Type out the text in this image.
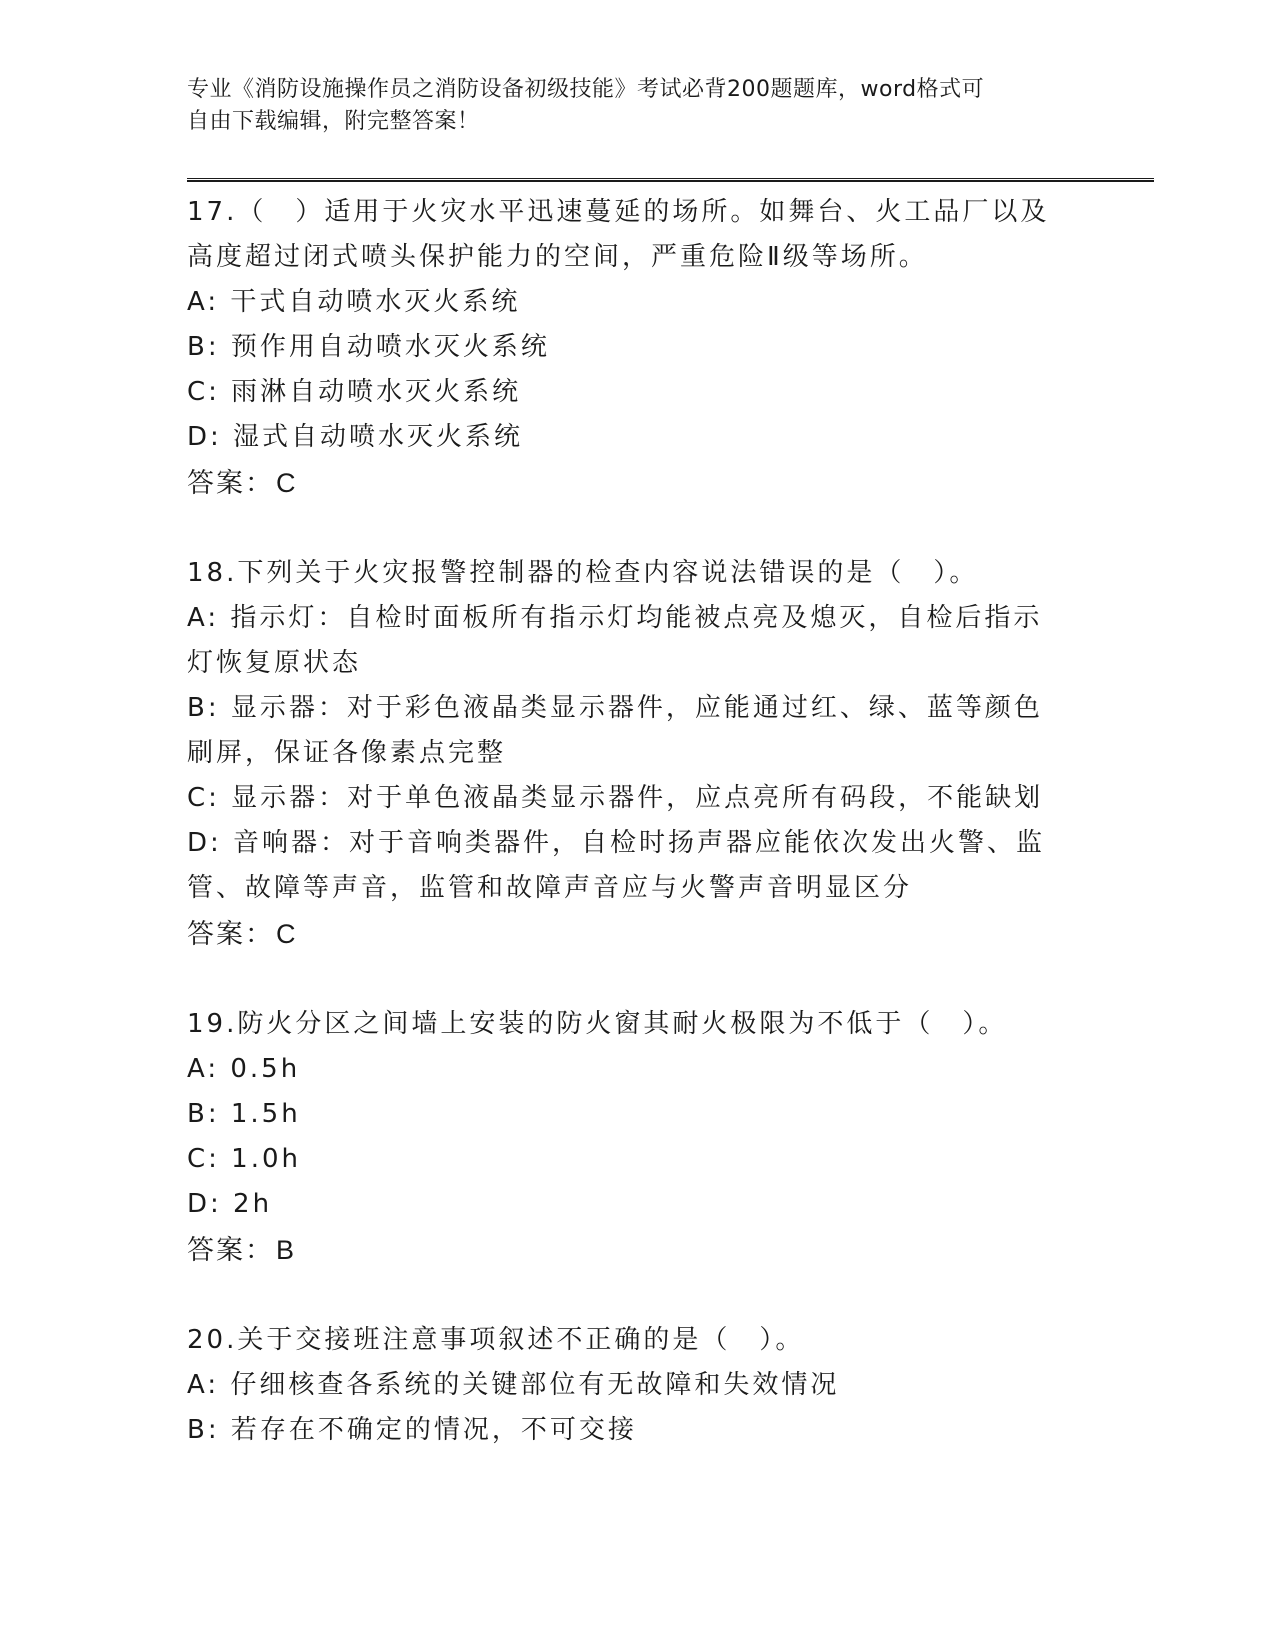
专业《消防设施操作员之消防设备初级技能》考试必背200题题库，word格式可
自由下载编辑，附完整答案！

17.（　）适用于火灾水平迅速蔓延的场所。如舞台、火工品厂以及高度超过闭式喷头保护能力的空间，严重危险Ⅱ级等场所。

A: 干式自动喷水灭火系统

B: 预作用自动喷水灭火系统

C: 雨淋自动喷水灭火系统

D: 湿式自动喷水灭火系统

答案：C

18.下列关于火灾报警控制器的检查内容说法错误的是（　）。

A: 指示灯：自检时面板所有指示灯均能被点亮及熄灭，自检后指示灯恢复原状态

B: 显示器：对于彩色液晶类显示器件，应能通过红、绿、蓝等颜色刷屏，保证各像素点完整

C: 显示器：对于单色液晶类显示器件，应点亮所有码段，不能缺划

D: 音响器：对于音响类器件，自检时扬声器应能依次发出火警、监管、故障等声音，监管和故障声音应与火警声音明显区分

答案：C

19.防火分区之间墙上安装的防火窗其耐火极限为不低于（　）。

A: 0.5h

B: 1.5h

C: 1.0h

D: 2h

答案：B

20.关于交接班注意事项叙述不正确的是（　）。

A: 仔细核查各系统的关键部位有无故障和失效情况

B: 若存在不确定的情况，不可交接
